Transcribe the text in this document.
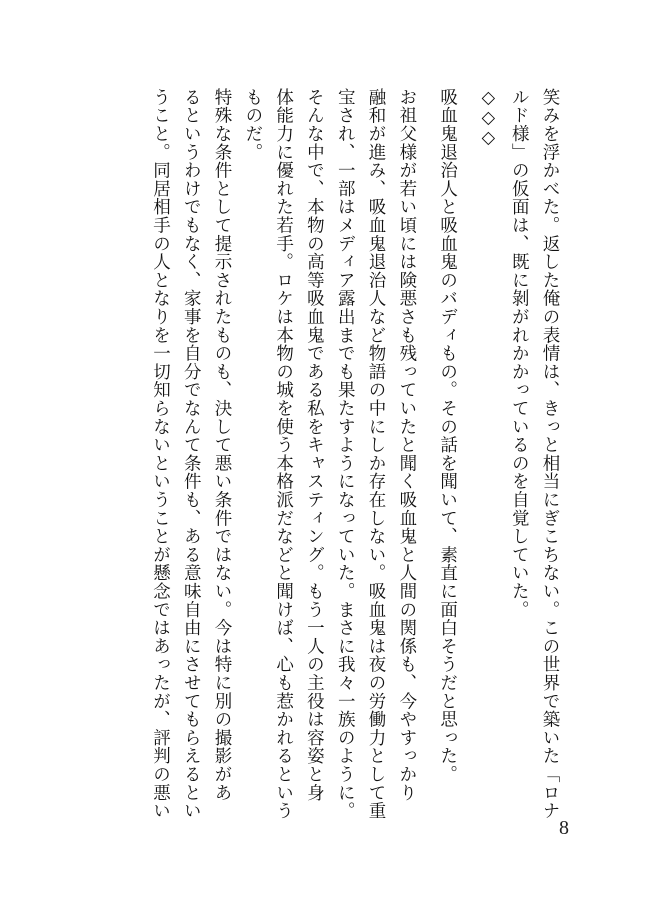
笑みを浮かべた。返した俺の表情は、きっと相当にぎこちない。この世界で築いた「ロナ
ルド様」の仮面は、既に剝がれかかっているのを自覚していた。
◇◇◇
吸血鬼退治人と吸血鬼のバディもの。その話を聞いて、素直に面白そうだと思った。
お祖父様が若い頃には険悪さも残っていたと聞く吸血鬼と人間の関係も、今やすっかり
融和が進み、吸血鬼退治人など物語の中にしか存在しない。吸血鬼は夜の労働力として重
宝され、一部はメディア露出までも果たすようになっていた。まさに我々一族のように。
そんな中で、本物の高等吸血鬼である私をキャスティング。もう一人の主役は容姿と身
体能力に優れた若手。ロケは本物の城を使う本格派だなどと聞けば、心も惹かれるという
ものだ。
特殊な条件として提示されたものも、決して悪い条件ではない。今は特に別の撮影があ
るというわけでもなく、家事を自分でなんて条件も、ある意味自由にさせてもらえるとい
うこと。同居相手の人となりを一切知らないということが懸念ではあったが、評判の悪い
8
